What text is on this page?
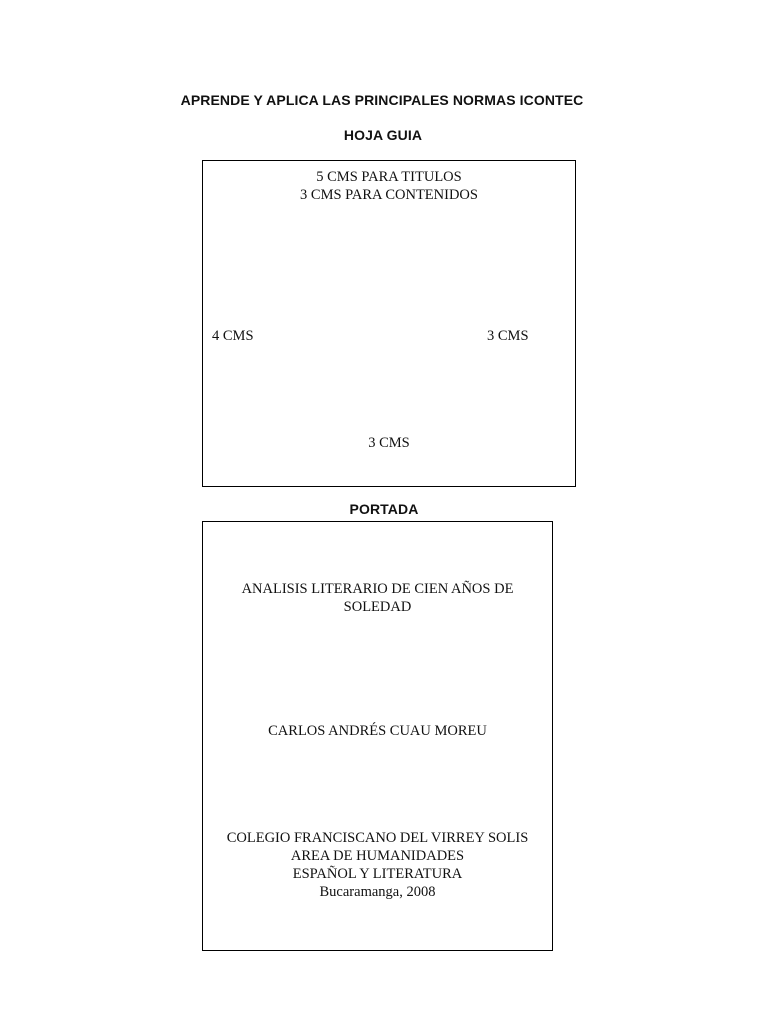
APRENDE Y APLICA LAS PRINCIPALES NORMAS ICONTEC
HOJA GUIA
5 CMS PARA TITULOS
3 CMS PARA CONTENIDOS
4 CMS	3 CMS
3 CMS
PORTADA
ANALISIS LITERARIO DE CIEN AÑOS DE
SOLEDAD
CARLOS ANDRÉS CUAU MOREU
COLEGIO FRANCISCANO DEL VIRREY SOLIS
AREA DE HUMANIDADES
ESPAÑOL Y LITERATURA
Bucaramanga, 2008
